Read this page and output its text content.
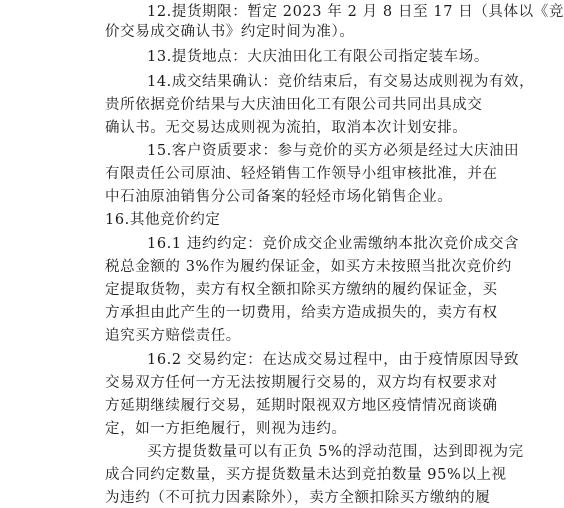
12.提货期限：暂定 2023 年 2 月 8 日至 17 日（具体以《竞
价交易成交确认书》约定时间为准）。
13.提货地点：大庆油田化工有限公司指定装车场。
14.成交结果确认：竞价结束后，有交易达成则视为有效，
贵所依据竞价结果与大庆油田化工有限公司共同出具成交
确认书。无交易达成则视为流拍，取消本次计划安排。
15.客户资质要求：参与竞价的买方必须是经过大庆油田
有限责任公司原油、轻烃销售工作领导小组审核批准，并在
中石油原油销售分公司备案的轻烃市场化销售企业。
16.其他竞价约定
16.1 违约约定：竞价成交企业需缴纳本批次竞价成交含
税总金额的 3%作为履约保证金，如买方未按照当批次竞价约
定提取货物，卖方有权全额扣除买方缴纳的履约保证金，买
方承担由此产生的一切费用，给卖方造成损失的，卖方有权
追究买方赔偿责任。
16.2 交易约定：在达成交易过程中，由于疫情原因导致
交易双方任何一方无法按期履行交易的，双方均有权要求对
方延期继续履行交易，延期时限视双方地区疫情情况商谈确
定，如一方拒绝履行，则视为违约。
买方提货数量可以有正负 5%的浮动范围，达到即视为完
成合同约定数量，买方提货数量未达到竞拍数量 95%以上视
为违约（不可抗力因素除外），卖方全额扣除买方缴纳的履
